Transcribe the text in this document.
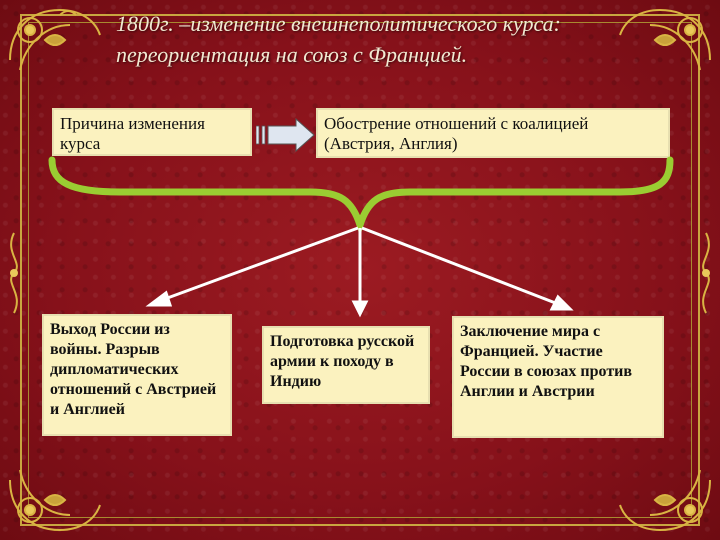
1800г. –изменение внешнеполитического курса: переориентация на союз с Францией.
Причина изменения курса
Обострение отношений с коалицией (Австрия, Англия)
Выход России из войны. Разрыв дипломатических отношений с Австрией и Англией
Подготовка русской армии к походу в Индию
Заключение мира с Францией. Участие России в союзах против Англии и Австрии
